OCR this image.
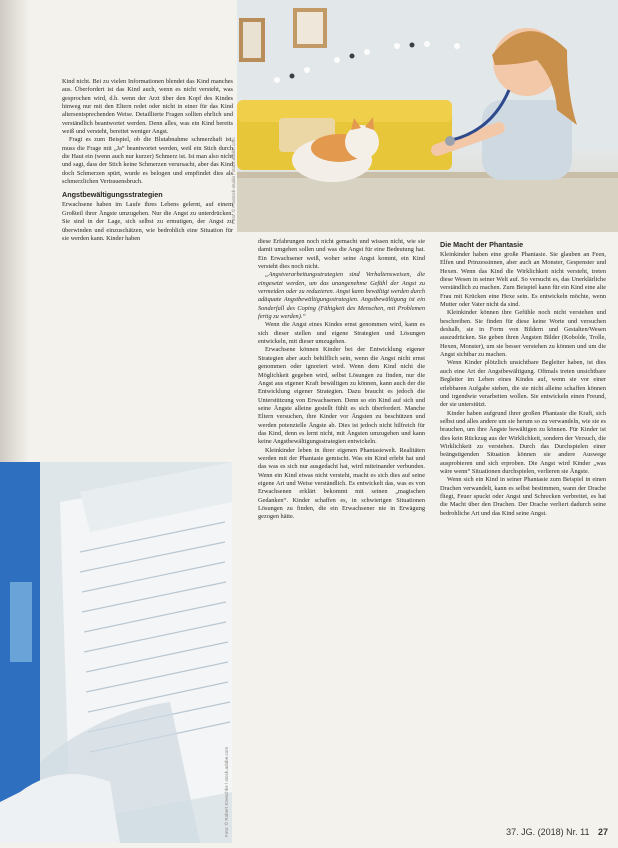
Foto: © Prostock-studio / stock.adobe.com
Foto: © Robert Kneschke / stock.adobe.com

Kind nicht. Bei zu vielen Informationen blendet das Kind manches aus. Überfordert ist das Kind auch, wenn es nicht versteht, was gesprochen wird, d.h. wenn der Arzt über den Kopf des Kindes hinweg nur mit den Eltern redet oder nicht in einer für das Kind altersentsprechenden Weise. Detaillierte Fragen sollten ehrlich und verständlich beantwortet werden. Denn alles, was ein Kind bereits weiß und versteht, bereitet weniger Angst.

Fragt es zum Beispiel, ob die Blutabnahme schmerzhaft ist, muss die Frage mit „Ja“ beantwortet werden, weil ein Stich durch die Haut ein (wenn auch nur kurzer) Schmerz ist. Ist man also nicht und sagt, dass der Stich keine Schmerzen verursacht, aber das Kind doch Schmerzen spürt, wurde es belogen und empfindet dies als schmerzlichen Vertrauensbruch.

Angstbewältigungsstrategien

Erwachsene haben im Laufe ihres Lebens gelernt, auf einem Großteil ihrer Ängste umzugehen. Nur die Angst zu unterdrücken. Sie sind in der Lage, sich selbst zu ermutigen, der Angst zu überwinden und einzuschätzen, wie bedrohlich eine Situation für sie werden kann. Kinder haben	diese Erfahrungen noch nicht gemacht und wissen nicht, wie sie damit umgehen sollen und was die Angst für eine Bedeutung hat. Ein Erwachsener weiß, woher seine Angst kommt, ein Kind versteht dies noch nicht.

„Angstverarbeitungsstrategien sind Verhaltensweisen, die eingesetzt werden, um das unangenehme Gefühl der Angst zu vermeiden oder zu reduzieren. Angst kann bewältigt werden durch adäquate Angstbewältigungsstrategien. Angstbewältigung ist ein Sonderfall des Coping (Fähigkeit des Menschen, mit Problemen fertig zu werden).“

Wenn die Angst eines Kindes ernst genommen wird, kann es sich dieser stellen und eigene Strategien und Lösungen entwickeln, mit dieser umzugehen.

Erwachsene können Kinder bei der Entwicklung eigener Strategien aber auch behilflich sein, wenn die Angst nicht ernst genommen oder ignoriert wird. Wenn dem Kind nicht die Möglichkeit gegeben wird, selbst Lösungen zu finden, nur die Angst aus eigener Kraft bewältigen zu können, kann auch der die Entwicklung eigener Strategien. Dazu braucht es jedoch die Unterstützung von Erwachsenen. Denn so ein Kind auf sich und seine Ängste alleine gestellt fühlt es sich überfordert. Manche Eltern versuchen, ihre Kinder vor Ängsten zu beschützen und werden potenzielle Ängste ab. Dies ist jedoch nicht hilfreich für das Kind, denn es lernt nicht, mit Ängsten umzugehen und kann keine Angstbewältigungsstrategien entwickeln.

Kleinkinder leben in ihrer eigenen Phantasiewelt. Realitäten werden mit der Phantasie gemischt. Was ein Kind erlebt hat und das was es sich nur ausgedacht hat, wird miteinander verbunden. Wenn ein Kind etwas nicht versteht, macht es sich dies auf seine eigene Art und Weise verständlich. Es entwickelt das, was es von Erwachsenen erklärt bekommt mit seinen „magischen Gedanken“. Kinder schaffen es, in schwierigen Situationen Lösungen zu finden, die ein Erwachsener nie in Erwägung gezogen hätte.

Die Macht der Phantasie

Kleinkinder haben eine große Phantasie. Sie glauben an Feen, Elfen und Prinzessinnen, aber auch an Monster, Gespenster und Hexen. Wenn das Kind die Wirklichkeit nicht versteht, treten diese Wesen in seiner Welt auf. So versucht es, das Unerklärliche verständlich zu machen. Zum Beispiel kann für ein Kind eine alte Frau mit Krücken eine Hexe sein. Es entwickeln möchte, wenn Mutter oder Vater nicht da sind.

Kleinkinder können ihre Gefühle noch nicht verstehen und beschreiben. Sie finden für diese keine Worte und versuchen deshalb, sie in Form von Bildern und Gestalten/Wesen auszudrücken. Sie geben ihren Ängsten Bilder (Kobolde, Trolle, Hexen, Monster), um sie besser verstehen zu können und um die Angst sichtbar zu machen.

Wenn Kinder plötzlich unsichtbare Begleiter haben, ist dies auch eine Art der Angstbewältigung. Oftmals treten unsichtbare Begleiter im Leben eines Kindes auf, wenn sie vor einer erlebbaren Aufgabe stehen, die sie nicht alleine schaffen können und irgendwie verarbeiten wollen. Sie entwickeln einen Freund, der sie unterstützt.

Kinder haben aufgrund ihrer großen Phantasie die Kraft, sich selbst und alles andere um sie herum so zu verwandeln, wie sie es brauchen, um ihre Ängste bewältigen zu können. Für Kinder ist dies kein Rückzug aus der Wirklichkeit, sondern der Versuch, die Wirklichkeit zu verstehen. Durch das Durchspielen einer beängstigenden Situation können sie andere Auswege ausprobieren und sich erproben. Die Angst wird Kinder „was wäre wenn“ Situationen durchspielen, verlieren sie Ängste.

Wenn sich ein Kind in seiner Phantasie zum Beispiel in einen Drachen verwandelt, kann es selbst bestimmen, wann der Drache fliegt, Feuer spuckt oder Angst und Schrecken verbreitet, es hat die Macht über den Drachen. Der Drache verliert dadurch seine bedrohliche Art und das Kind seine Angst.

37. JG. (2018) Nr. 11 27
